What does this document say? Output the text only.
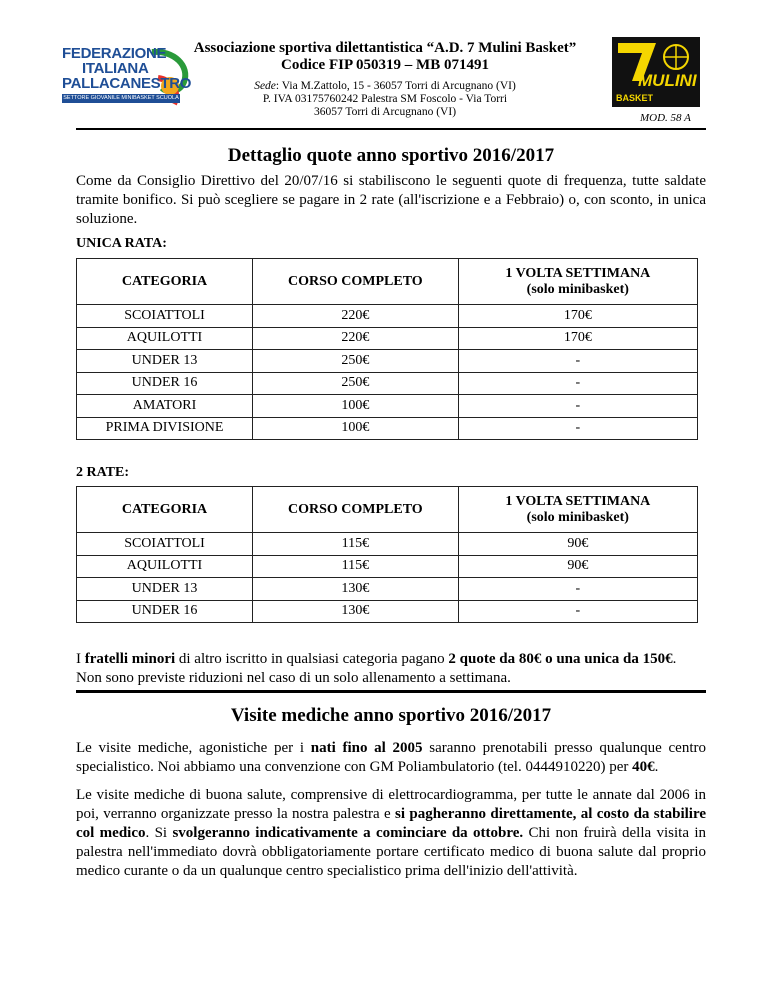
FEDERAZIONE
ITALIANA
PALLACANESTRO
SETTORE GIOVANILE MINIBASKET SCUOLA
Associazione sportiva dilettantistica “A.D. 7 Mulini Basket”
Codice FIP 050319 – MB 071491
Sede: Via M.Zattolo, 15 - 36057 Torri di Arcugnano (VI)
P. IVA 03175760242 Palestra SM Foscolo - Via Torri
36057 Torri di Arcugnano (VI)
MULINI
BASKET
MOD. 58 A
Dettaglio quote anno sportivo 2016/2017
Come da Consiglio Direttivo del 20/07/16 si stabiliscono le seguenti quote di frequenza, tutte saldate tramite bonifico. Si può scegliere se pagare in 2 rate (all'iscrizione e a Febbraio) o, con sconto, in unica soluzione.
UNICA RATA:
CATEGORIA	CORSO COMPLETO	1 VOLTA SETTIMANA
(solo minibasket)

SCOIATTOLI	220€	170€
AQUILOTTI	220€	170€
UNDER 13	250€	-
UNDER 16	250€	-
AMATORI	100€	-
PRIMA DIVISIONE	100€	-
2 RATE:
CATEGORIA	CORSO COMPLETO	1 VOLTA SETTIMANA
(solo minibasket)

SCOIATTOLI	115€	90€
AQUILOTTI	115€	90€
UNDER 13	130€	-
UNDER 16	130€	-
I fratelli minori di altro iscritto in qualsiasi categoria pagano 2 quote da 80€ o una unica da 150€.
Non sono previste riduzioni nel caso di un solo allenamento a settimana.
Visite mediche anno sportivo 2016/2017
Le visite mediche, agonistiche per i nati fino al 2005 saranno prenotabili presso qualunque centro specialistico. Noi abbiamo una convenzione con GM Poliambulatorio (tel. 0444910220) per 40€.
Le visite mediche di buona salute, comprensive di elettrocardiogramma, per tutte le annate dal 2006 in poi, verranno organizzate presso la nostra palestra e si pagheranno direttamente, al costo da stabilire col medico. Si svolgeranno indicativamente a cominciare da ottobre. Chi non fruirà della visita in palestra nell'immediato dovrà obbligatoriamente portare certificato medico di buona salute dal proprio medico curante o da un qualunque centro specialistico prima dell'inizio dell'attività.
